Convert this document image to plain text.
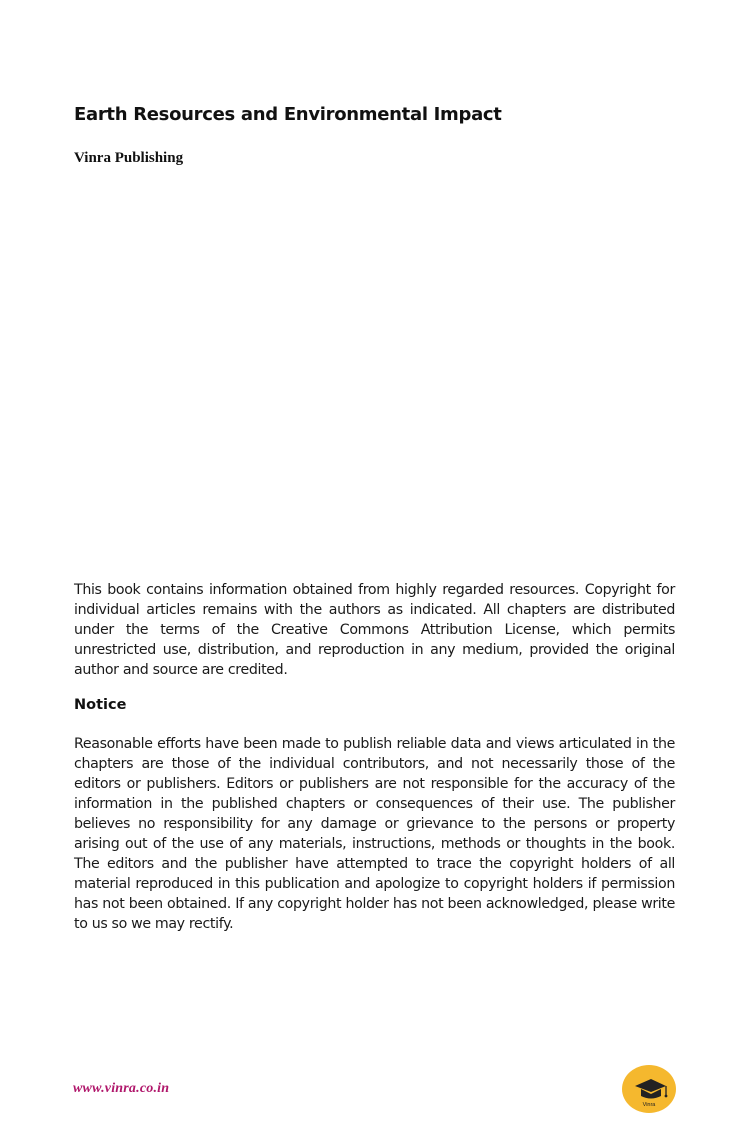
Earth Resources and Environmental Impact
Vinra Publishing

This book contains information obtained from highly regarded resources. Copyright for individual articles remains with the authors as indicated. All chapters are distributed under the terms of the Creative Commons Attribution License, which permits unrestricted use, distribution, and reproduction in any medium, provided the original author and source are credited.

Notice

Reasonable efforts have been made to publish reliable data and views articulated in the chapters are those of the individual contributors, and not necessarily those of the editors or publishers. Editors or publishers are not responsible for the accuracy of the information in the published chapters or consequences of their use. The publisher believes no responsibility for any damage or grievance to the persons or property arising out of the use of any materials, instructions, methods or thoughts in the book. The editors and the publisher have attempted to trace the copyright holders of all material reproduced in this publication and apologize to copyright holders if permission has not been obtained. If any copyright holder has not been acknowledged, please write to us so we may rectify.

www.vinra.co.in
Vinra
